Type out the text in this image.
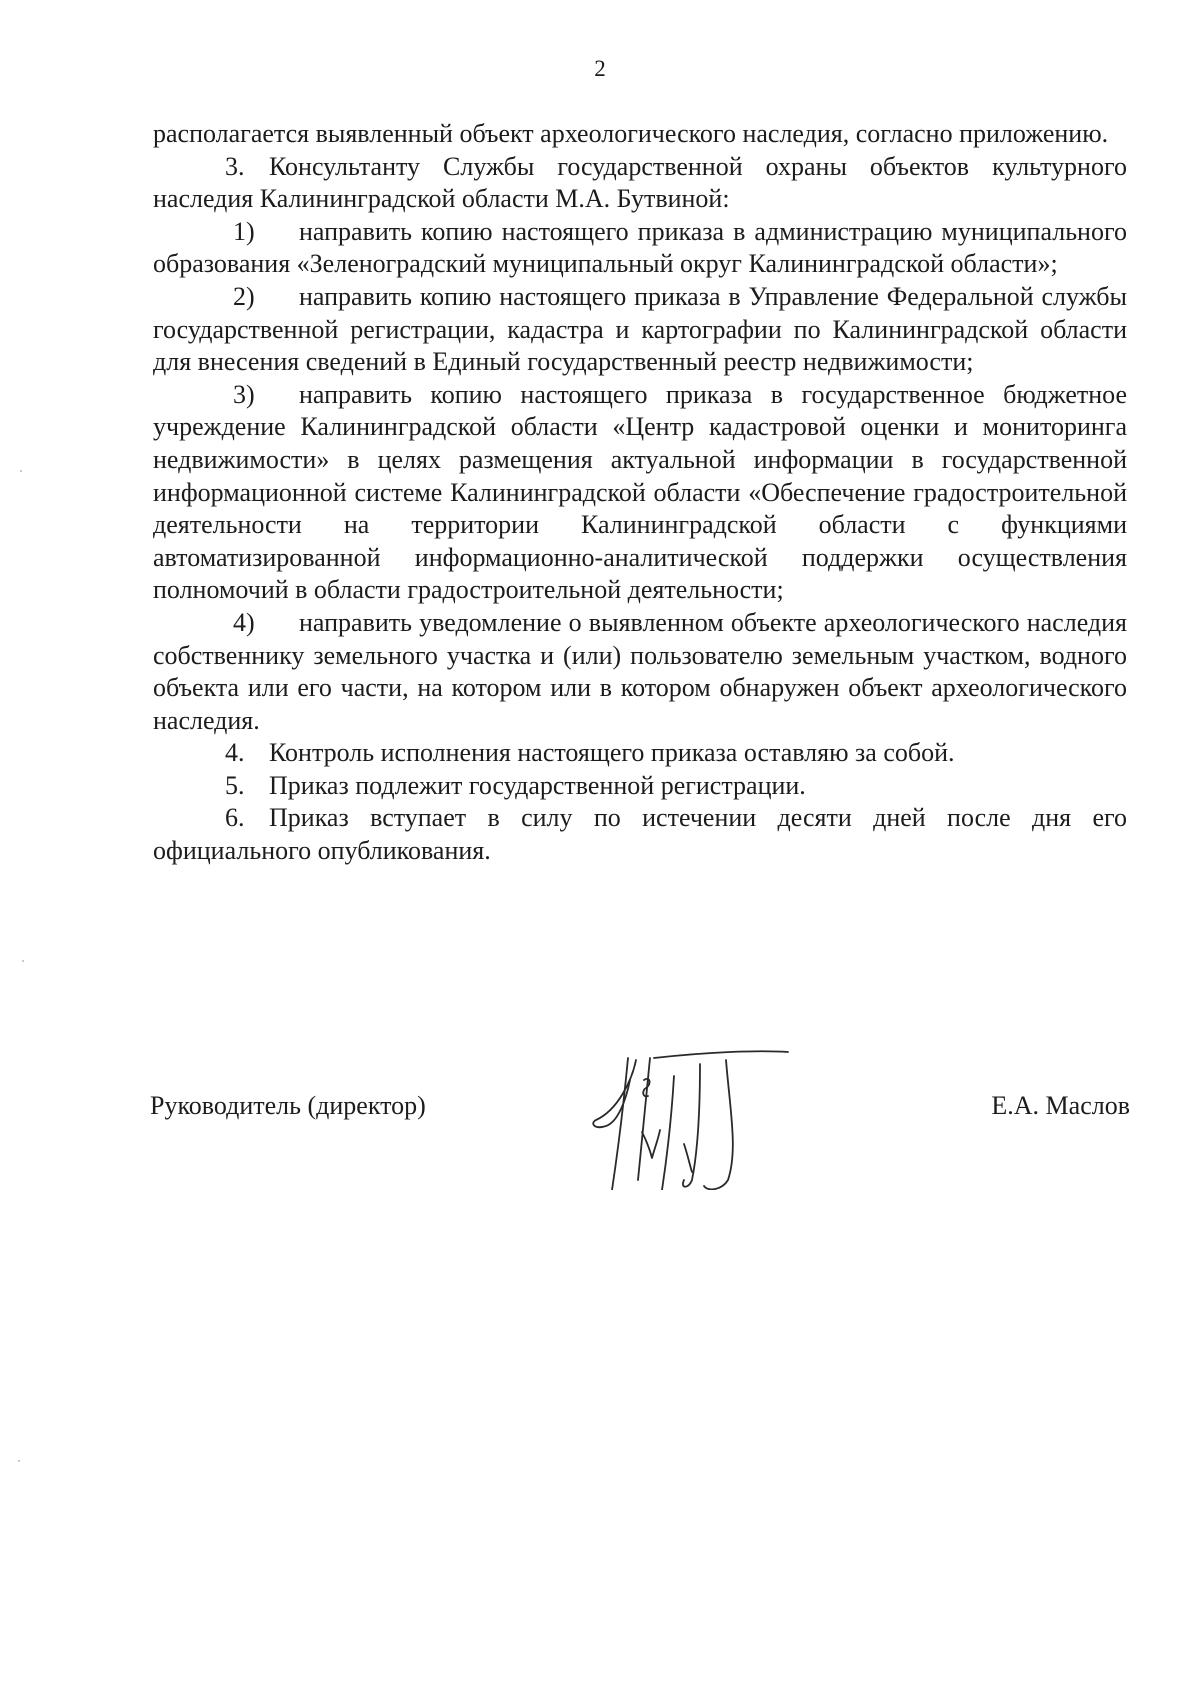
2

располагается выявленный объект археологического наследия, согласно приложению.

3. Консультанту Службы государственной охраны объектов культурного наследия Калининградской области М.А. Бутвиной:

1) направить копию настоящего приказа в администрацию муниципального образования «Зеленоградский муниципальный округ Калининградской области»;

2) направить копию настоящего приказа в Управление Федеральной службы государственной регистрации, кадастра и картографии по Калининградской области для внесения сведений в Единый государственный реестр недвижимости;

3) направить копию настоящего приказа в государственное бюджетное учреждение Калининградской области «Центр кадастровой оценки и мониторинга недвижимости» в целях размещения актуальной информации в государственной информационной системе Калининградской области «Обеспечение градостроительной деятельности на территории Калининградской области с функциями автоматизированной информационно-аналитической поддержки осуществления полномочий в области градостроительной деятельности;

4) направить уведомление о выявленном объекте археологического наследия собственнику земельного участка и (или) пользователю земельным участком, водного объекта или его части, на котором или в котором обнаружен объект археологического наследия.

4. Контроль исполнения настоящего приказа оставляю за собой.

5. Приказ подлежит государственной регистрации.

6. Приказ вступает в силу по истечении десяти дней после дня его официального опубликования.

Руководитель (директор)	Е.А. Маслов
